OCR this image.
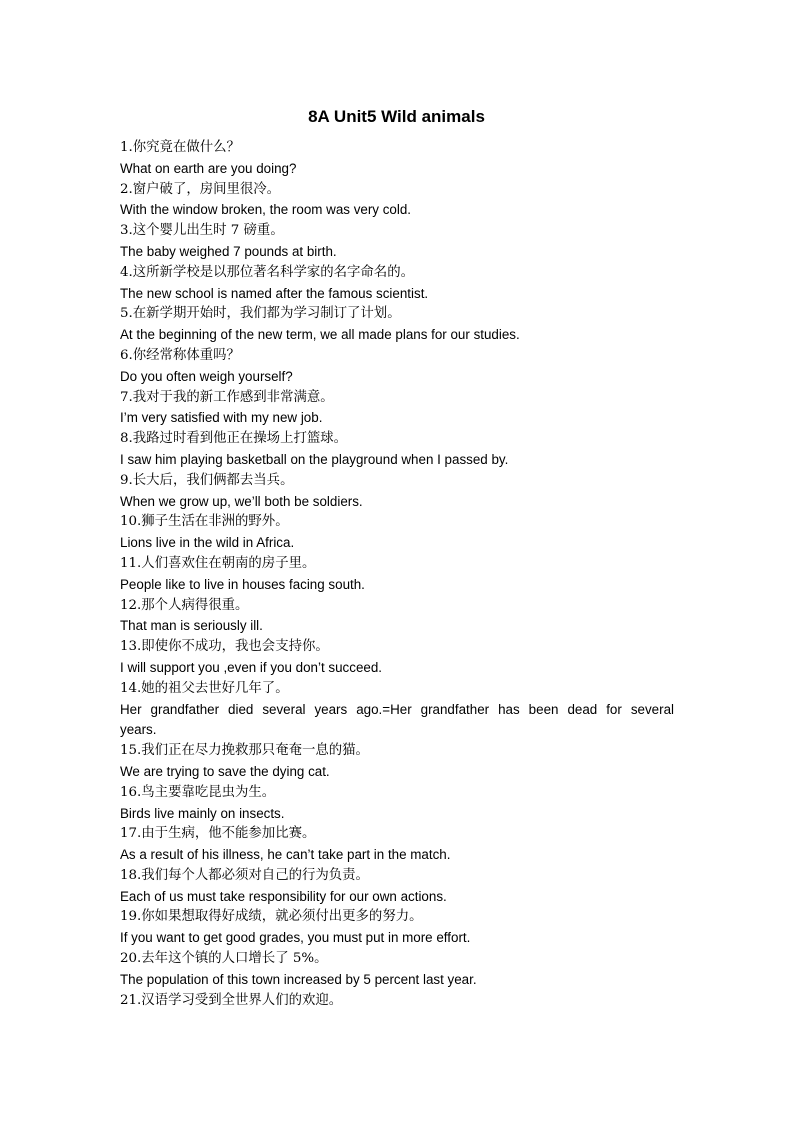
8A Unit5 Wild animals
1.你究竟在做什么？
What on earth are you doing?
2.窗户破了，房间里很冷。
With the window broken, the room was very cold.
3.这个婴儿出生时 7 磅重。
The baby weighed 7 pounds at birth.
4.这所新学校是以那位著名科学家的名字命名的。
The new school is named after the famous scientist.
5.在新学期开始时，我们都为学习制订了计划。
At the beginning of the new term, we all made plans for our studies.
6.你经常称体重吗？
Do you often weigh yourself?
7.我对于我的新工作感到非常满意。
I’m very satisfied with my new job.
8.我路过时看到他正在操场上打篮球。
I saw him playing basketball on the playground when I passed by.
9.长大后，我们俩都去当兵。
When we grow up, we’ll both be soldiers.
10.狮子生活在非洲的野外。
Lions live in the wild in Africa.
11.人们喜欢住在朝南的房子里。
People like to live in houses facing south.
12.那个人病得很重。
That man is seriously ill.
13.即使你不成功，我也会支持你。
I will support you ,even if you don’t succeed.
14.她的祖父去世好几年了。
Her grandfather died several years ago.=Her grandfather has been dead for several
years.
15.我们正在尽力挽救那只奄奄一息的猫。
We are trying to save the dying cat.
16.鸟主要靠吃昆虫为生。
Birds live mainly on insects.
17.由于生病，他不能参加比赛。
As a result of his illness, he can’t take part in the match.
18.我们每个人都必须对自己的行为负责。
Each of us must take responsibility for our own actions.
19.你如果想取得好成绩，就必须付出更多的努力。
If you want to get good grades, you must put in more effort.
20.去年这个镇的人口增长了 5%。
The population of this town increased by 5 percent last year.
21.汉语学习受到全世界人们的欢迎。
